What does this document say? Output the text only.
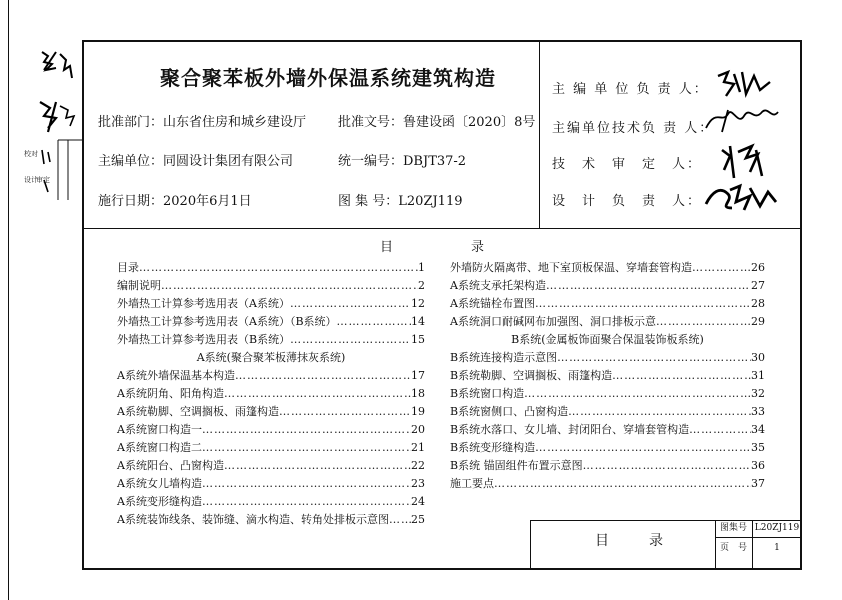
校对
审定
设计
聚合聚苯板外墙外保温系统建筑构造
批准部门：山东省住房和城乡建设厅 批准文号：鲁建设函〔2020〕8号
主编单位：同圆设计集团有限公司	统一编号：DBJT37-2
施行日期：2020年6月1日	图 集 号：L20ZJ119
主 编 单 位 负 责 人：
主编单位技术负 责 人：
技　术　审　定　人：
设　计　负　责　人：
目　　　　　　录
目录 …………………………………………………………………………………………………………………………………………………………………………	1
编制说明 …………………………………………………………………………………………………………………………………………………………………………	2
外墙热工计算参考选用表（A系统） …………………………………………………………………………………………………………………………………………………………………………	12
外墙热工计算参考选用表（A系统）（B系统） …………………………………………………………………………………………………………………………………………………………………………	14
外墙热工计算参考选用表（B系统） …………………………………………………………………………………………………………………………………………………………………………	15
A系统(聚合聚苯板薄抹灰系统)
A系统外墙保温基本构造 …………………………………………………………………………………………………………………………………………………………………………	17
A系统阴角、阳角构造 …………………………………………………………………………………………………………………………………………………………………………	18
A系统勒脚、空调搁板、雨篷构造 …………………………………………………………………………………………………………………………………………………………………………	19
A系统窗口构造一 …………………………………………………………………………………………………………………………………………………………………………	20
A系统窗口构造二 …………………………………………………………………………………………………………………………………………………………………………	21
A系统阳台、凸窗构造 …………………………………………………………………………………………………………………………………………………………………………	22
A系统女儿墙构造 …………………………………………………………………………………………………………………………………………………………………………	23
A系统变形缝构造 …………………………………………………………………………………………………………………………………………………………………………	24
A系统装饰线条、装饰缝、滴水构造、转角处排板示意图 ………………………………………………………………………………………………………………………………………………………………………… 25
外墙防火隔离带、地下室顶板保温、穿墙套管构造 …………………………………………………………………………………………………………………………………………………………………………	26
A系统支承托架构造 …………………………………………………………………………………………………………………………………………………………………………	27
A系统锚栓布置图 …………………………………………………………………………………………………………………………………………………………………………	28
A系统洞口耐碱网布加强图、洞口排板示意 …………………………………………………………………………………………………………………………………………………………………………	29
B系统(金属板饰面聚合保温装饰板系统)
B系统连接构造示意图 …………………………………………………………………………………………………………………………………………………………………………	30
B系统勒脚、空调搁板、雨篷构造 …………………………………………………………………………………………………………………………………………………………………………	31
B系统窗口构造 …………………………………………………………………………………………………………………………………………………………………………	32
B系统窗侧口、凸窗构造 …………………………………………………………………………………………………………………………………………………………………………	33
B系统水落口、女儿墙、封闭阳台、穿墙套管构造 …………………………………………………………………………………………………………………………………………………………………………	34
B系统变形缝构造 …………………………………………………………………………………………………………………………………………………………………………	35
B系统 锚固组件布置示意图 …………………………………………………………………………………………………………………………………………………………………………	36
施工要点 …………………………………………………………………………………………………………………………………………………………………………	37
目　　录
图集号 L20ZJ119
页　号	1
